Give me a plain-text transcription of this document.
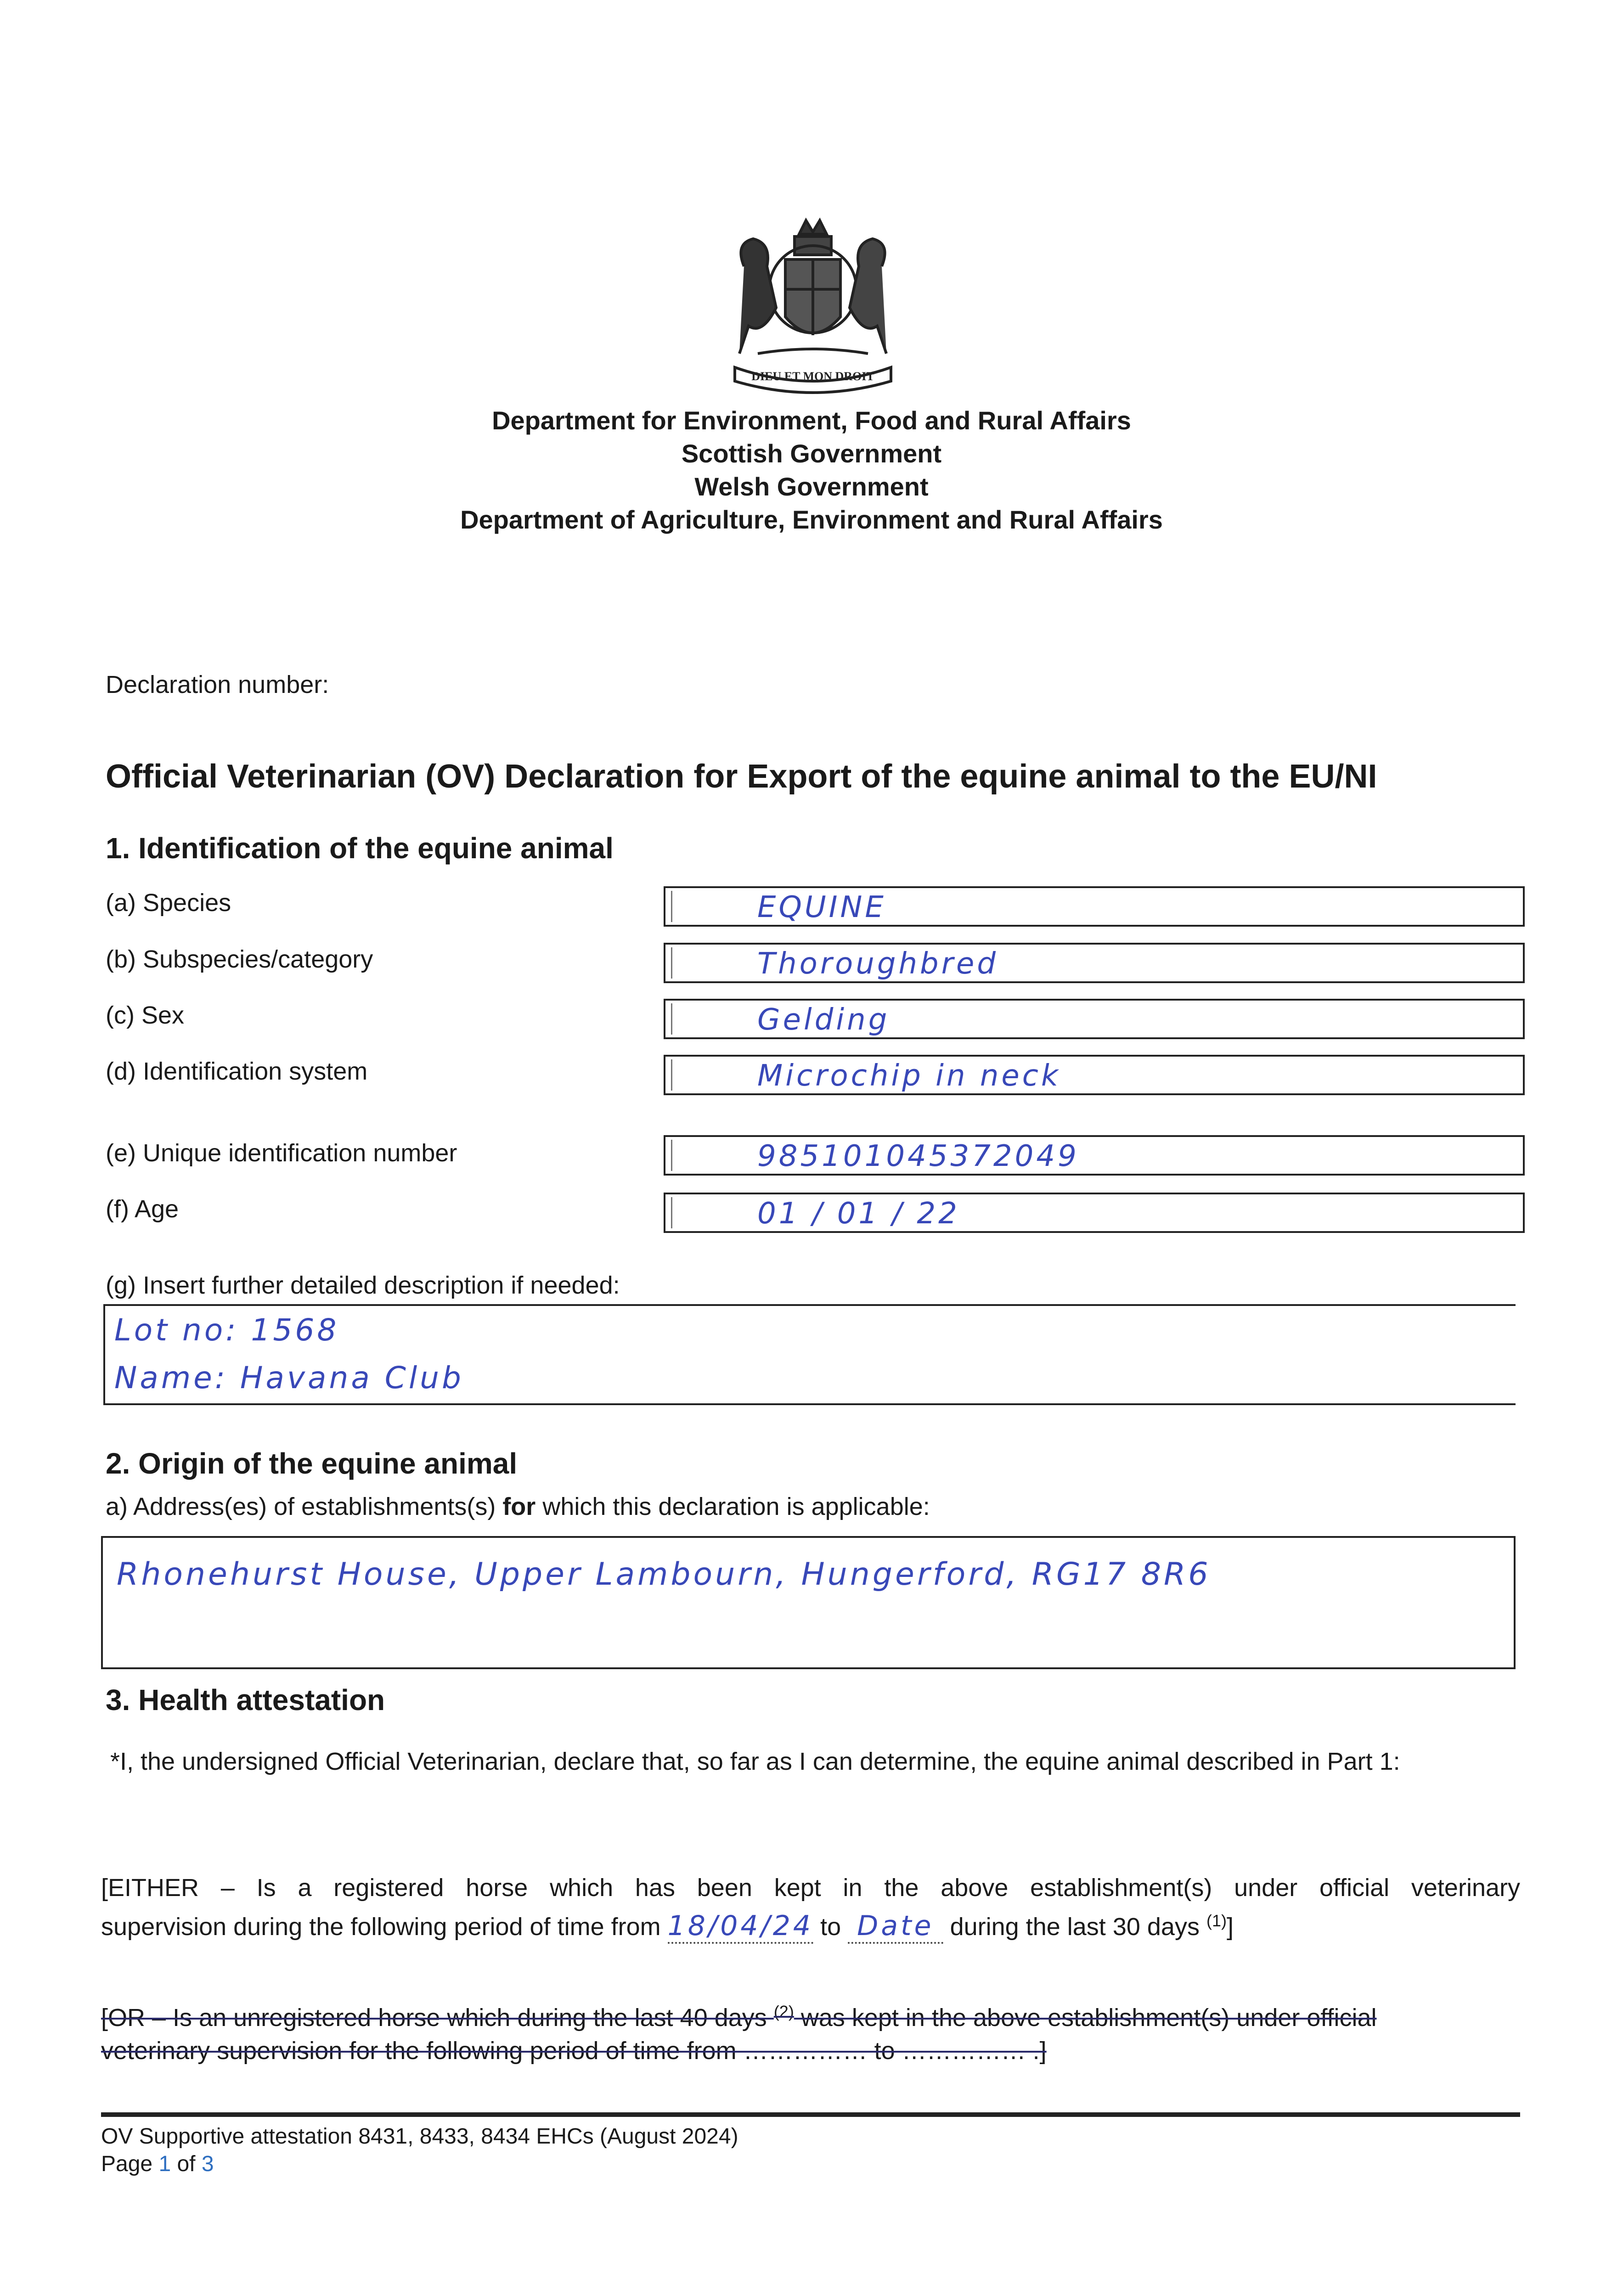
DIEU ET MON DROIT
Department for Environment, Food and Rural Affairs
Scottish Government
Welsh Government
Department of Agriculture, Environment and Rural Affairs
Declaration number:
Official Veterinarian (OV) Declaration for Export of the equine animal to the EU/NI
1. Identification of the equine animal
(a) Species	EQUINE
(b) Subspecies/category	Thoroughbred
(c) Sex	Gelding
(d) Identification system	Microchip in neck
(e) Unique identification number	985101045372049
(f) Age	01 / 01 / 22
(g) Insert further detailed description if needed:
Lot no: 1568
Name: Havana Club
2. Origin of the equine animal
a) Address(es) of establishments(s) for which this declaration is applicable:
Rhonehurst House, Upper Lambourn, Hungerford, RG17 8R6
3. Health attestation
*I, the undersigned Official Veterinarian, declare that, so far as I can determine, the equine animal described in Part 1:
[EITHER – Is a registered horse which has been kept in the above establishment(s) under official veterinary
supervision during the following period of time from 18/04/24 to Date during the last 30 days $^{(1)}$]
[OR – Is an unregistered horse which during the last 40 days $^{(2)}$ was kept in the above establishment(s) under official
veterinary supervision for the following period of time from …………… to …………… .]
OV Supportive attestation 8431, 8433, 8434 EHCs (August 2024)
Page 1 of 3
